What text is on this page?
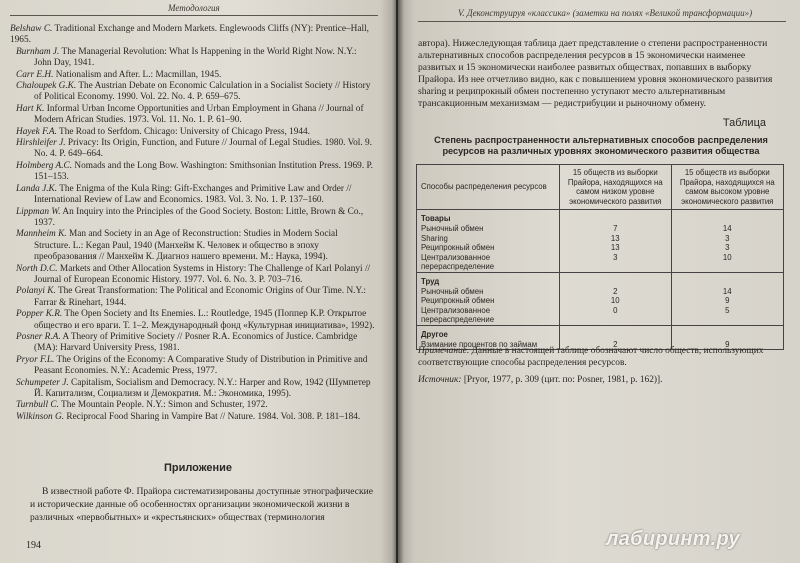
Методология

Belshaw C. Traditional Exchange and Modern Markets. Englewoods Cliffs (NY): Prentice–Hall, 1965.

Burnham J. The Managerial Revolution: What Is Happening in the World Right Now. N.Y.: John Day, 1941.

Carr E.H. Nationalism and After. L.: Macmillan, 1945.

Chaloupek G.K. The Austrian Debate on Economic Calculation in a Socialist Society // History of Political Economy. 1990. Vol. 22. No. 4. P. 659–675.

Hart K. Informal Urban Income Opportunities and Urban Employment in Ghana // Journal of Modern African Studies. 1973. Vol. 11. No. 1. P. 61–90.

Hayek F.A. The Road to Serfdom. Chicago: University of Chicago Press, 1944.

Hirshleifer J. Privacy: Its Origin, Function, and Future // Journal of Legal Studies. 1980. Vol. 9. No. 4. P. 649–664.

Holmberg A.C. Nomads and the Long Bow. Washington: Smithsonian Institution Press. 1969. P. 151–153.

Landa J.K. The Enigma of the Kula Ring: Gift-Exchanges and Primitive Law and Order // International Review of Law and Economics. 1983. Vol. 3. No. 1. P. 137–160.

Lippman W. An Inquiry into the Principles of the Good Society. Boston: Little, Brown & Co., 1937.

Mannheim K. Man and Society in an Age of Reconstruction: Studies in Modern Social Structure. L.: Kegan Paul, 1940 (Манхейм К. Человек и общество в эпоху преобразования // Манхейм К. Диагноз нашего времени. М.: Наука, 1994).

North D.C. Markets and Other Allocation Systems in History: The Challenge of Karl Polanyi // Journal of European Economic History. 1977. Vol. 6. No. 3. P. 703–716.

Polanyi K. The Great Transformation: The Political and Economic Origins of Our Time. N.Y.: Farrar & Rinehart, 1944.

Popper K.R. The Open Society and Its Enemies. L.: Routledge, 1945 (Поппер К.Р. Открытое общество и его враги. Т. 1–2. Международный фонд «Культурная инициатива», 1992).

Posner R.A. A Theory of Primitive Society // Posner R.A. Economics of Justice. Cambridge (MA): Harvard University Press, 1981.

Pryor F.L. The Origins of the Economy: A Comparative Study of Distribution in Primitive and Peasant Economies. N.Y.: Academic Press, 1977.

Schumpeter J. Capitalism, Socialism and Democracy. N.Y.: Harper and Row, 1942 (Шумпетер Й. Капитализм, Социализм и Демократия. М.: Экономика, 1995).

Turnbull C. The Mountain People. N.Y.: Simon and Schuster, 1972.

Wilkinson G. Reciprocal Food Sharing in Vampire Bat // Nature. 1984. Vol. 308. P. 181–184.

Приложение
В известной работе Ф. Прайора систематизированы доступные этнографические и исторические данные об особенностях организации экономической жизни в различных «первобытных» и «крестьянских» обществах (терминология
194
V. Деконструируя «классика» (заметки на полях «Великой трансформации»)
автора). Нижеследующая таблица дает представление о степени распространенности альтернативных способов распределения ресурсов в 15 экономически наименее развитых и 15 экономически наиболее развитых обществах, попавших в выборку Прайора. Из нее отчетливо видно, как с повышением уровня экономического развития sharing и реципрокный обмен постепенно уступают место альтернативным трансакционным механизмам — редистрибуции и рыночному обмену.
Таблица
Степень распространенности альтернативных способов распределения ресурсов на различных уровнях экономического развития общества
Способы распределения ресурсов	15 обществ из выборки Прайора, находящихся на самом низком уровне экономического развития	15 обществ из выборки Прайора, находящихся на самом высоком уровне экономического развития
Товары		
Рыночный обмен	7	14
Sharing	13	3
Реципрокный обмен	13	3
Централизованное перераспределение	3	10
Труд		
Рыночный обмен	2	14
Реципрокный обмен	10	9
Централизованное перераспределение	0	5
Другое		
Взимание процентов по займам	2	9
Примечание. Данные в настоящей таблице обозначают число обществ, использующих соответствующие способы распределения ресурсов.
Источник: [Pryor, 1977, p. 309 (цит. по: Posner, 1981, p. 162)].
лабиринт.ру
